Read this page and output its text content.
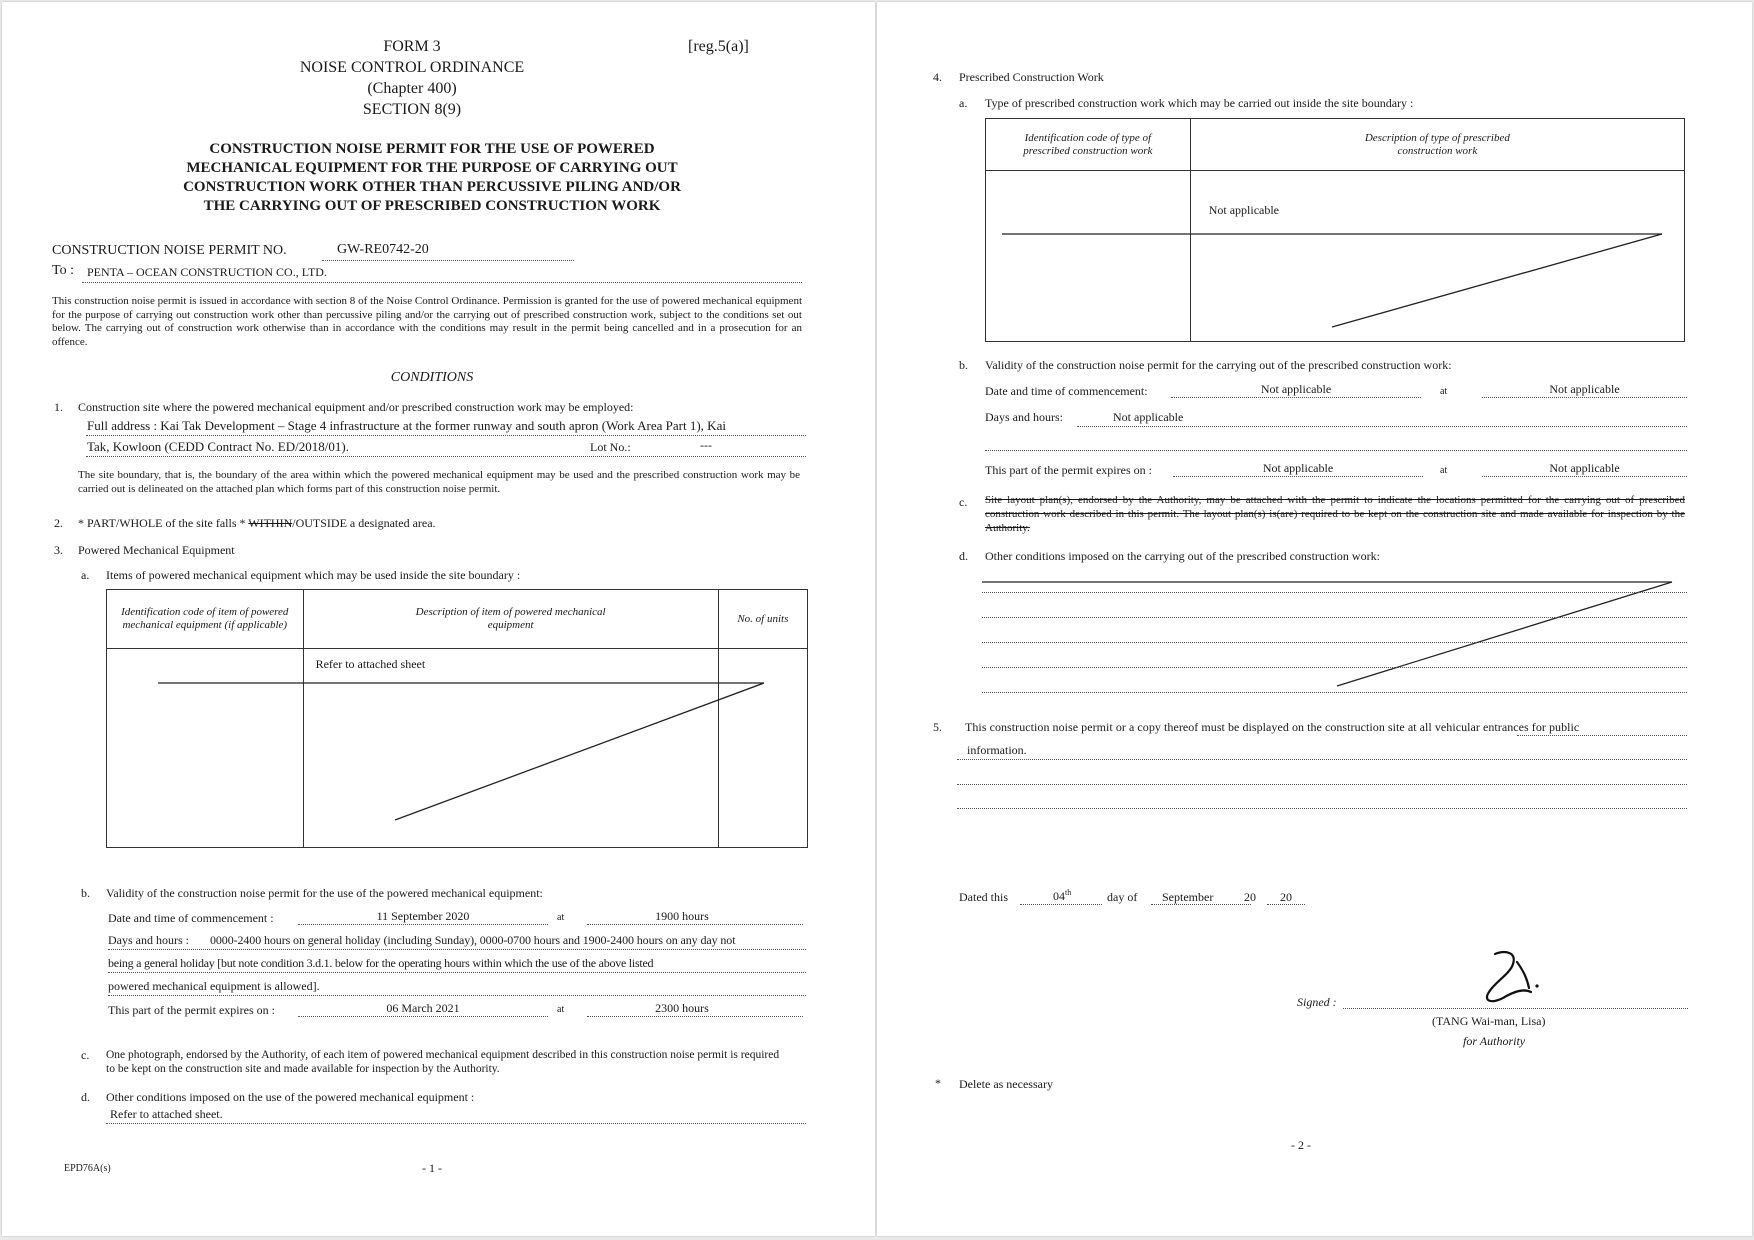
FORM 3
NOISE CONTROL ORDINANCE
(Chapter 400)
SECTION 8(9)
[reg.5(a)]
CONSTRUCTION NOISE PERMIT FOR THE USE OF POWERED
MECHANICAL EQUIPMENT FOR THE PURPOSE OF CARRYING OUT
CONSTRUCTION WORK OTHER THAN PERCUSSIVE PILING AND/OR
THE CARRYING OUT OF PRESCRIBED CONSTRUCTION WORK
CONSTRUCTION NOISE PERMIT NO.	GW-RE0742-20
To : PENTA – OCEAN CONSTRUCTION CO., LTD.
This construction noise permit is issued in accordance with section 8 of the Noise Control Ordinance. Permission is granted for the use of powered mechanical equipment for the purpose of carrying out construction work other than percussive piling and/or the carrying out of prescribed construction work, subject to the conditions set out below. The carrying out of construction work otherwise than in accordance with the conditions may result in the permit being cancelled and in a prosecution for an offence.
CONDITIONS
1. Construction site where the powered mechanical equipment and/or prescribed construction work may be employed:
Full address : Kai Tak Development – Stage 4 infrastructure at the former runway and south apron (Work Area Part 1), Kai
Tak, Kowloon (CEDD Contract No. ED/2018/01).	Lot No.:	---
The site boundary, that is, the boundary of the area within which the powered mechanical equipment may be used and the prescribed construction work may be carried out is delineated on the attached plan which forms part of this construction noise permit.
2. * PART/WHOLE of the site falls * WITHIN/OUTSIDE a designated area.
3. Powered Mechanical Equipment
a. Items of powered mechanical equipment which may be used inside the site boundary :
Identification code of item of powered mechanical equipment (if applicable)	Description of item of powered mechanical equipment	No. of units

	Refer to attached sheet	

b. Validity of the construction noise permit for the use of the powered mechanical equipment:
Date and time of commencement :	11 September 2020	at	1900 hours
Days and hours : 0000-2400 hours on general holiday (including Sunday), 0000-0700 hours and 1900-2400 hours on any day not
being a general holiday [but note condition 3.d.1. below for the operating hours within which the use of the above listed
powered mechanical equipment is allowed].
This part of the permit expires on :	06 March 2021	at	2300 hours
c. One photograph, endorsed by the Authority, of each item of powered mechanical equipment described in this construction noise permit is required to be kept on the construction site and made available for inspection by the Authority.
d. Other conditions imposed on the use of the powered mechanical equipment :
Refer to attached sheet.
EPD76A(s)	- 1 -
4. Prescribed Construction Work
a. Type of prescribed construction work which may be carried out inside the site boundary :
Identification code of type of prescribed construction work	Description of type of prescribed construction work

	Not applicable
b. Validity of the construction noise permit for the carrying out of the prescribed construction work:
Date and time of commencement:	Not applicable	at	Not applicable
Days and hours:	Not applicable
This part of the permit expires on :	Not applicable	at	Not applicable
c. Site layout plan(s), endorsed by the Authority, may be attached with the permit to indicate the locations permitted for the carrying out of prescribed construction work described in this permit. The layout plan(s) is(are) required to be kept on the construction site and made available for inspection by the Authority.
d. Other conditions imposed on the carrying out of the prescribed construction work:
5. This construction noise permit or a copy thereof must be displayed on the construction site at all vehicular entrances for public
information.
Dated this	04th	day of September	20 20
Signed :
(TANG Wai-man, Lisa)
for Authority
* Delete as necessary
- 2 -
